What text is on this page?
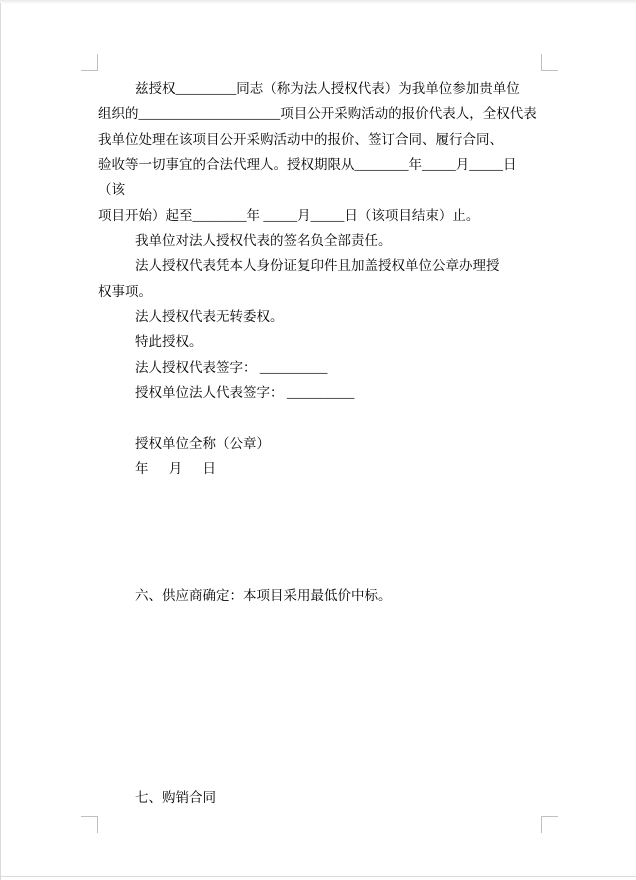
兹授权_________同志（称为法人授权代表）为我单位参加贵单位

组织的_____________________项目公开采购活动的报价代表人，全权代表

我单位处理在该项目公开采购活动中的报价、签订合同、履行合同、

验收等一切事宜的合法代理人。授权期限从________年_____月_____日（该

项目开始）起至________年 _____月_____日（该项目结束）止。

我单位对法人授权代表的签名负全部责任。

法人授权代表凭本人身份证复印件且加盖授权单位公章办理授

权事项。

法人授权代表无转委权。

特此授权。

法人授权代表签字： __________

授权单位法人代表签字： __________

授权单位全称（公章）

年      月      日

六、供应商确定：本项目采用最低价中标。

七、购销合同
